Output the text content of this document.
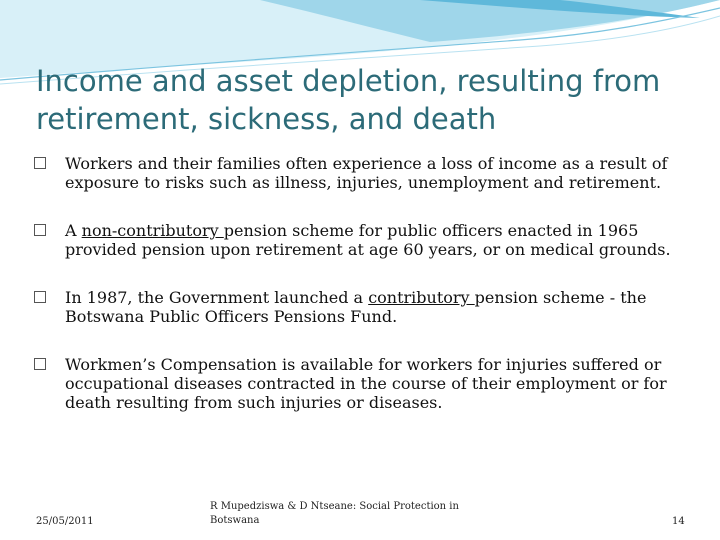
Income and asset depletion, resulting from retirement, sickness, and death
Workers and their families often experience a loss of income as a result of exposure to risks such as illness, injuries, unemployment and retirement.
A non-contributory pension scheme for public officers enacted in 1965 provided pension upon retirement at age 60 years, or on medical grounds.
In 1987, the Government launched a contributory pension scheme - the Botswana Public Officers Pensions Fund.
Workmen’s Compensation is available for workers for injuries suffered or occupational diseases contracted in the course of their employment or for death resulting from such injuries or diseases.
25/05/2011
R Mupedziswa & D Ntseane: Social Protection in Botswana	14
